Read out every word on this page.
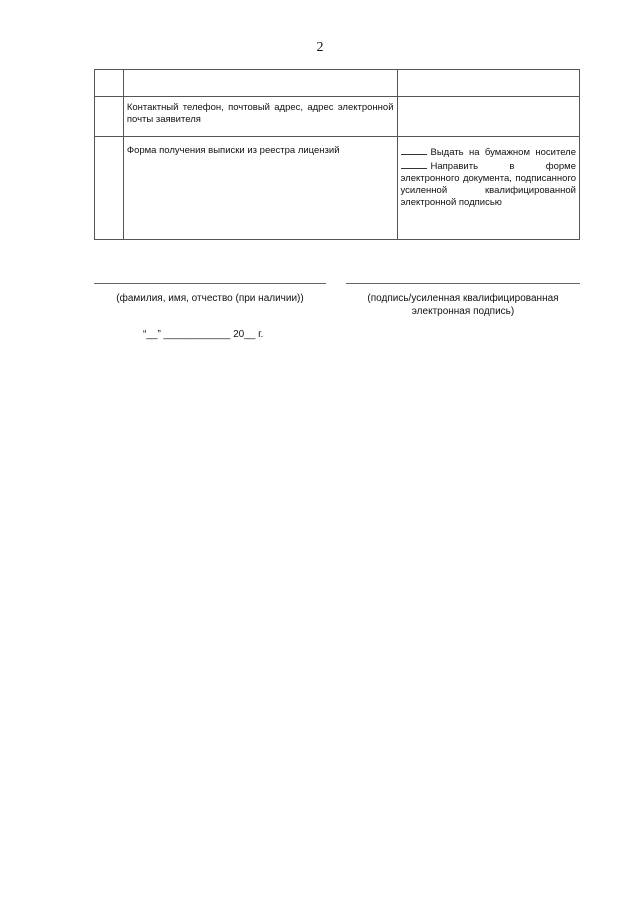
2

	Контактный телефон, почтовый адрес, адрес электронной почты заявителя	
	Форма получения выписки из реестра лицензий	Выдать на бумажном носителе
Направить в форме электронного документа, подписанного усиленной квалифицированной электронной подписью
(фамилия, имя, отчество (при наличии))	(подпись/усиленная квалифицированная электронная подпись)
“__” ____________ 20__ г.
